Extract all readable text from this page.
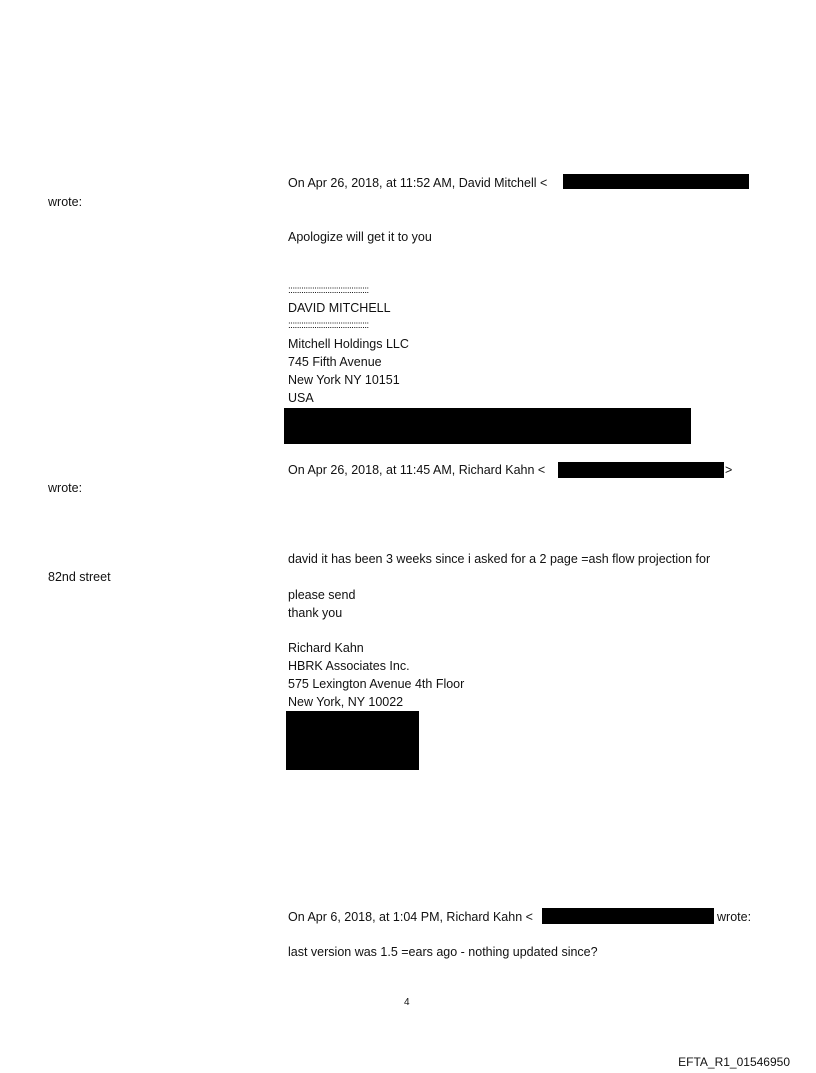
On Apr 26, 2018, at 11:52 AM, David Mitchell <
wrote:
Apologize will get it to you
:::::::::::::::::::::::::::::::::::::
DAVID MITCHELL
:::::::::::::::::::::::::::::::::::::
Mitchell Holdings LLC
745 Fifth Avenue
New York NY 10151
USA
On Apr 26, 2018, at 11:45 AM, Richard Kahn <	>
wrote:
david it has been 3 weeks since i asked for a 2 page =ash flow projection for
82nd street
please send
thank you
Richard Kahn
HBRK Associates Inc.
575 Lexington Avenue 4th Floor
New York, NY 10022
On Apr 6, 2018, at 1:04 PM, Richard Kahn <	wrote:
last version was 1.5 =ears ago - nothing updated since?
4
EFTA_R1_01546950
